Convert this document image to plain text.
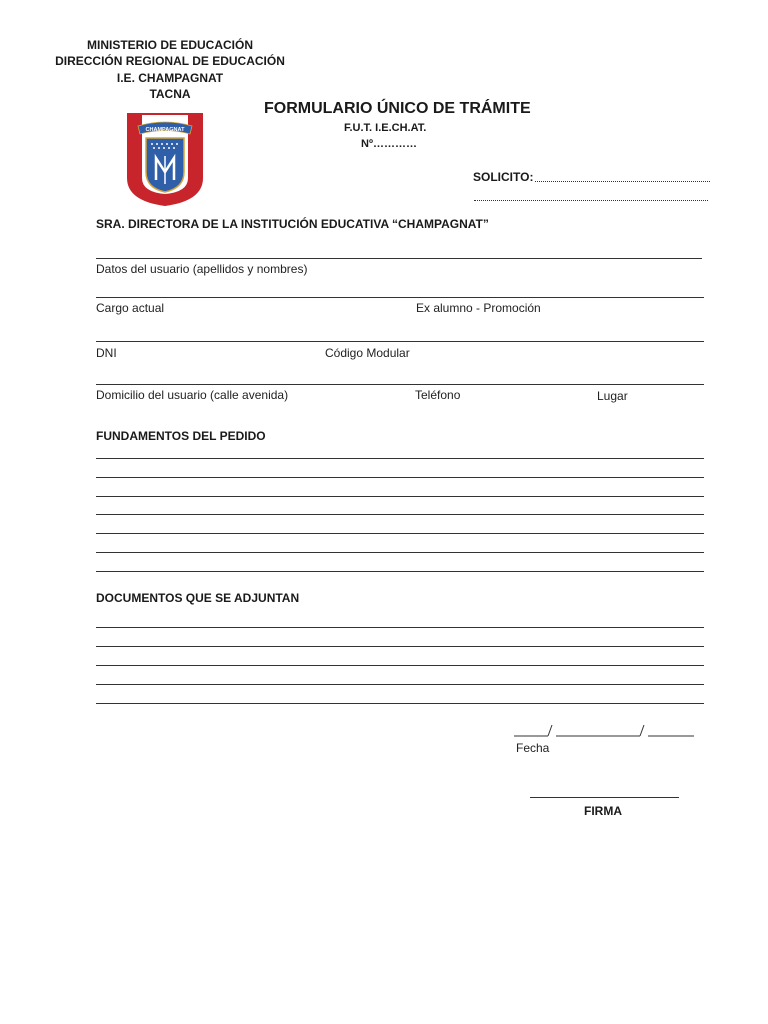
MINISTERIO DE EDUCACIÓN
DIRECCIÓN REGIONAL DE EDUCACIÓN
I.E. CHAMPAGNAT
TACNA
CHAMPAGNAT
FORMULARIO ÚNICO DE TRÁMITE
F.U.T. I.E.CH.AT.
Nº…………
SOLICITO:
SRA. DIRECTORA DE LA INSTITUCIÓN EDUCATIVA “CHAMPAGNAT”
Datos del usuario (apellidos y nombres)
Cargo actual	Ex alumno - Promoción
DNI	Código Modular
Domicilio del usuario (calle avenida)	Teléfono	Lugar
FUNDAMENTOS DEL PEDIDO
DOCUMENTOS QUE SE ADJUNTAN
Fecha
FIRMA
